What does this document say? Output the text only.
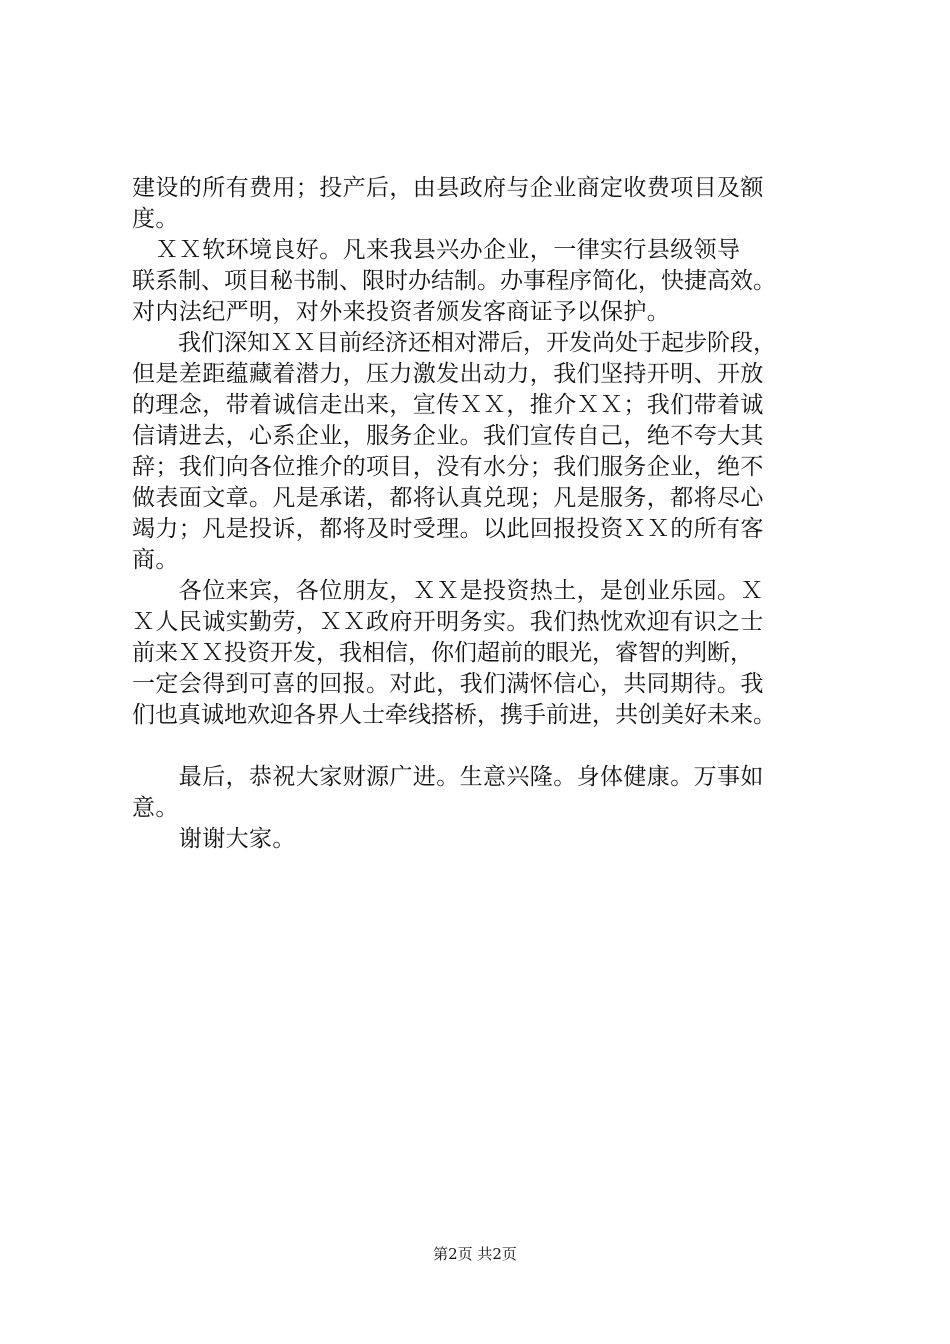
建设的所有费用；投产后，由县政府与企业商定收费项目及额
度。
　ＸＸ软环境良好。凡来我县兴办企业，一律实行县级领导
联系制、项目秘书制、限时办结制。办事程序简化，快捷高效。
对内法纪严明，对外来投资者颁发客商证予以保护。
　　我们深知ＸＸ目前经济还相对滞后，开发尚处于起步阶段，
但是差距蕴藏着潜力，压力激发出动力，我们坚持开明、开放
的理念，带着诚信走出来，宣传ＸＸ，推介ＸＸ；我们带着诚
信请进去，心系企业，服务企业。我们宣传自己，绝不夸大其
辞；我们向各位推介的项目，没有水分；我们服务企业，绝不
做表面文章。凡是承诺，都将认真兑现；凡是服务，都将尽心
竭力；凡是投诉，都将及时受理。以此回报投资ＸＸ的所有客
商。
　　各位来宾，各位朋友，ＸＸ是投资热土，是创业乐园。Ｘ
Ｘ人民诚实勤劳，ＸＸ政府开明务实。我们热忱欢迎有识之士
前来ＸＸ投资开发，我相信，你们超前的眼光，睿智的判断，
一定会得到可喜的回报。对此，我们满怀信心，共同期待。我
们也真诚地欢迎各界人士牵线搭桥，携手前进，共创美好未来。
　　最后，恭祝大家财源广进。生意兴隆。身体健康。万事如
意。
　　谢谢大家。
第2页 共2页
